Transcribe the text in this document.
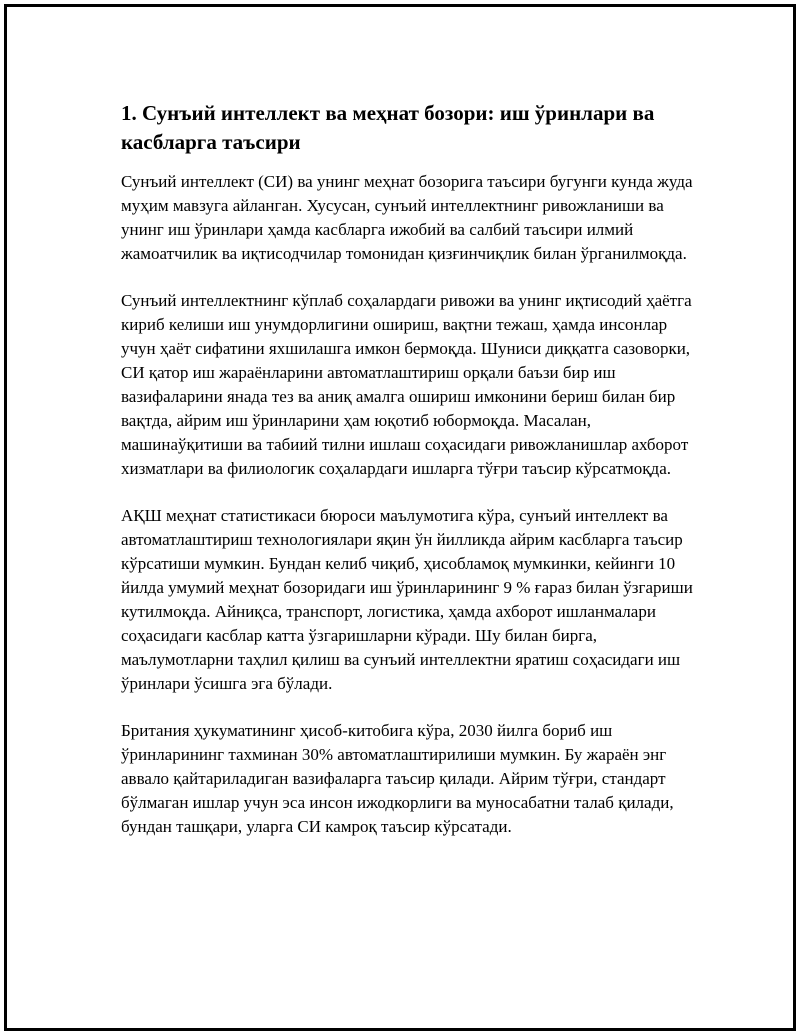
1. Сунъий интеллект ва меҳнат бозори: иш ўринлари ва касбларга таъсири

Сунъий интеллект (СИ) ва унинг меҳнат бозорига таъсири бугунги кунда жуда муҳим мавзуга айланган. Хусусан, сунъий интеллектнинг ривожланиши ва унинг иш ўринлари ҳамда касбларга ижобий ва салбий таъсири илмий жамоатчилик ва иқтисодчилар томонидан қизғинчиқлик билан ўрганилмоқда.

Сунъий интеллектнинг кўплаб соҳалардаги ривожи ва унинг иқтисодий ҳаётга кириб келиши иш унумдорлигини ошириш, вақтни тежаш, ҳамда инсонлар учун ҳаёт сифатини яхшилашга имкон бермоқда. Шуниси диққатга сазоворки, СИ қатор иш жараёнларини автоматлаштириш орқали баъзи бир иш вазифаларини янада тез ва аниқ амалга ошириш имконини бериш билан бир вақтда, айрим иш ўринларини ҳам юқотиб юбормоқда. Масалан, машинаўқитиши ва табиий тилни ишлаш соҳасидаги ривожланишлар ахборот хизматлари ва филиологик соҳалардаги ишларга тўғри таъсир кўрсатмоқда.

АҚШ меҳнат статистикаси бюроси маълумотига кўра, сунъий интеллект ва автоматлаштириш технологиялари яқин ўн йилликда айрим касбларга таъсир кўрсатиши мумкин. Бундан келиб чиқиб, ҳисобламоқ мумкинки, кейинги 10 йилда умумий меҳнат бозоридаги иш ўринларининг 9 % ғараз билан ўзгариши кутилмоқда. Айниқса, транспорт, логистика, ҳамда ахборот ишланмалари соҳасидаги касблар катта ўзгаришларни кўради. Шу билан бирга, маълумотларни таҳлил қилиш ва сунъий интеллектни яратиш соҳасидаги иш ўринлари ўсишга эга бўлади.

Британия ҳукуматининг ҳисоб-китобига кўра, 2030 йилга бориб иш ўринларининг тахминан 30% автоматлаштирилиши мумкин. Бу жараён энг аввало қайтариладиган вазифаларга таъсир қилади. Айрим тўғри, стандарт бўлмаган ишлар учун эса инсон ижодкорлиги ва муносабатни талаб қилади, бундан ташқари, уларга СИ камроқ таъсир кўрсатади.
